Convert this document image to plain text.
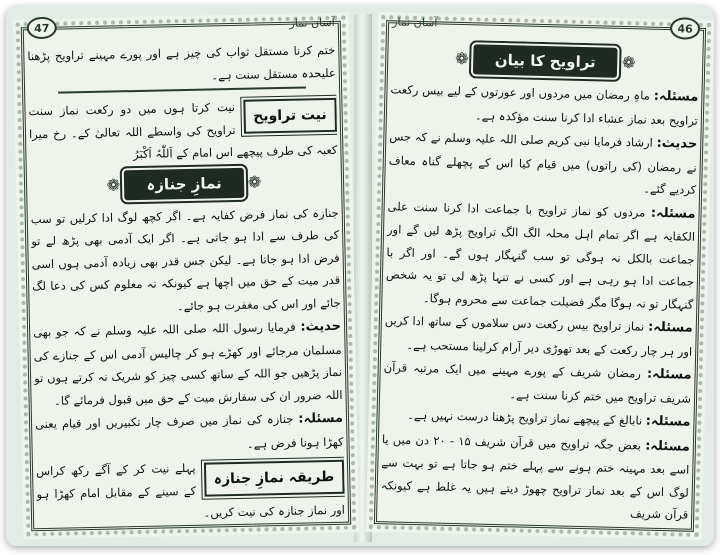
آسان نماز
47

ختم کرنا مستقل ثواب کی چیز ہے اور پورے مہینے تراویح پڑھنا علیحدہ مستقل سنت ہے۔

نیت تراویح

نیت کرتا ہوں میں دو رکعت نماز سنت تراویح کی واسطے اللہ تعالیٰ کے۔ رخ میرا کعبہ کی طرف پیچھے اس امام کے اَللّٰہُ اَکْبَرُ

❁
نمازِ جنازہ
❁

جنازہ کی نماز فرض کفایہ ہے۔ اگر کچھ لوگ ادا کرلیں تو سب کی طرف سے ادا ہو جاتی ہے۔ اگر ایک آدمی بھی پڑھ لے تو فرض ادا ہو جاتا ہے۔ لیکن جس قدر بھی زیادہ آدمی ہوں اسی قدر میت کے حق میں اچھا ہے کیونکہ نہ معلوم کس کی دعا لگ جائے اور اس کی مغفرت ہو جائے۔

حدیث: فرمایا رسول اللہ صلی اللہ علیہ وسلم نے کہ جو بھی مسلمان مرجائے اور کھڑے ہو کر چالیس آدمی اس کے جنازے کی نماز پڑھیں جو اللہ کے ساتھ کسی چیز کو شریک نہ کرتے ہوں تو اللہ ضرور ان کی سفارش میت کے حق میں قبول فرمائے گا۔

مسئلہ: جنازہ کی نماز میں صرف چار تکبیریں اور قیام یعنی کھڑا ہونا فرض ہے۔

طریقہ نمازِ جنازہ

پہلے نیت کر کے آگے رکھ کراس کے سینے کے مقابل امام کھڑا ہو اور نماز جنازہ کی نیت کریں۔

46
آسان نماز
❁
تراویح کا بیان
❁

مسئلہ: ماہِ رمضان میں مردوں اور عورتوں کے لیے بیس رکعت تراویح بعد نماز عشاء ادا کرنا سنت مؤکدہ ہے۔

حدیث: ارشاد فرمایا نبی کریم صلی اللہ علیہ وسلم نے کہ جس نے رمضان (کی راتوں) میں قیام کیا اس کے پچھلے گناہ معاف کردیے گئے۔

مسئلہ: مردوں کو نماز تراویح با جماعت ادا کرنا سنت علی الکفایہ ہے اگر تمام اہل محلہ الگ الگ تراویح پڑھ لیں گے اور جماعت بالکل نہ ہوگی تو سب گنہگار ہوں گے۔ اور اگر با جماعت ادا ہو رہی ہے اور کسی نے تنہا پڑھ لی تو یہ شخص گنہگار تو نہ ہوگا مگر فضیلت جماعت سے محروم ہوگا۔

مسئلہ: نماز تراویح بیس رکعت دس سلاموں کے ساتھ ادا کریں اور ہر چار رکعت کے بعد تھوڑی دیر آرام کرلینا مستحب ہے۔

مسئلہ: رمضان شریف کے پورے مہینے میں ایک مرتبہ قرآن شریف تراویح میں ختم کرنا سنت ہے۔

مسئلہ: نابالغ کے پیچھے نماز تراویح پڑھنا درست نہیں ہے۔

مسئلہ: بعض جگہ تراویح میں قرآن شریف ۱۵ - ۲۰ دن میں یا اسے بعد مہینہ ختم ہونے سے پہلے ختم ہو جاتا ہے تو بہت سے لوگ اس کے بعد نماز تراویح چھوڑ دیتے ہیں یہ غلط ہے کیونکہ قرآن شریف
